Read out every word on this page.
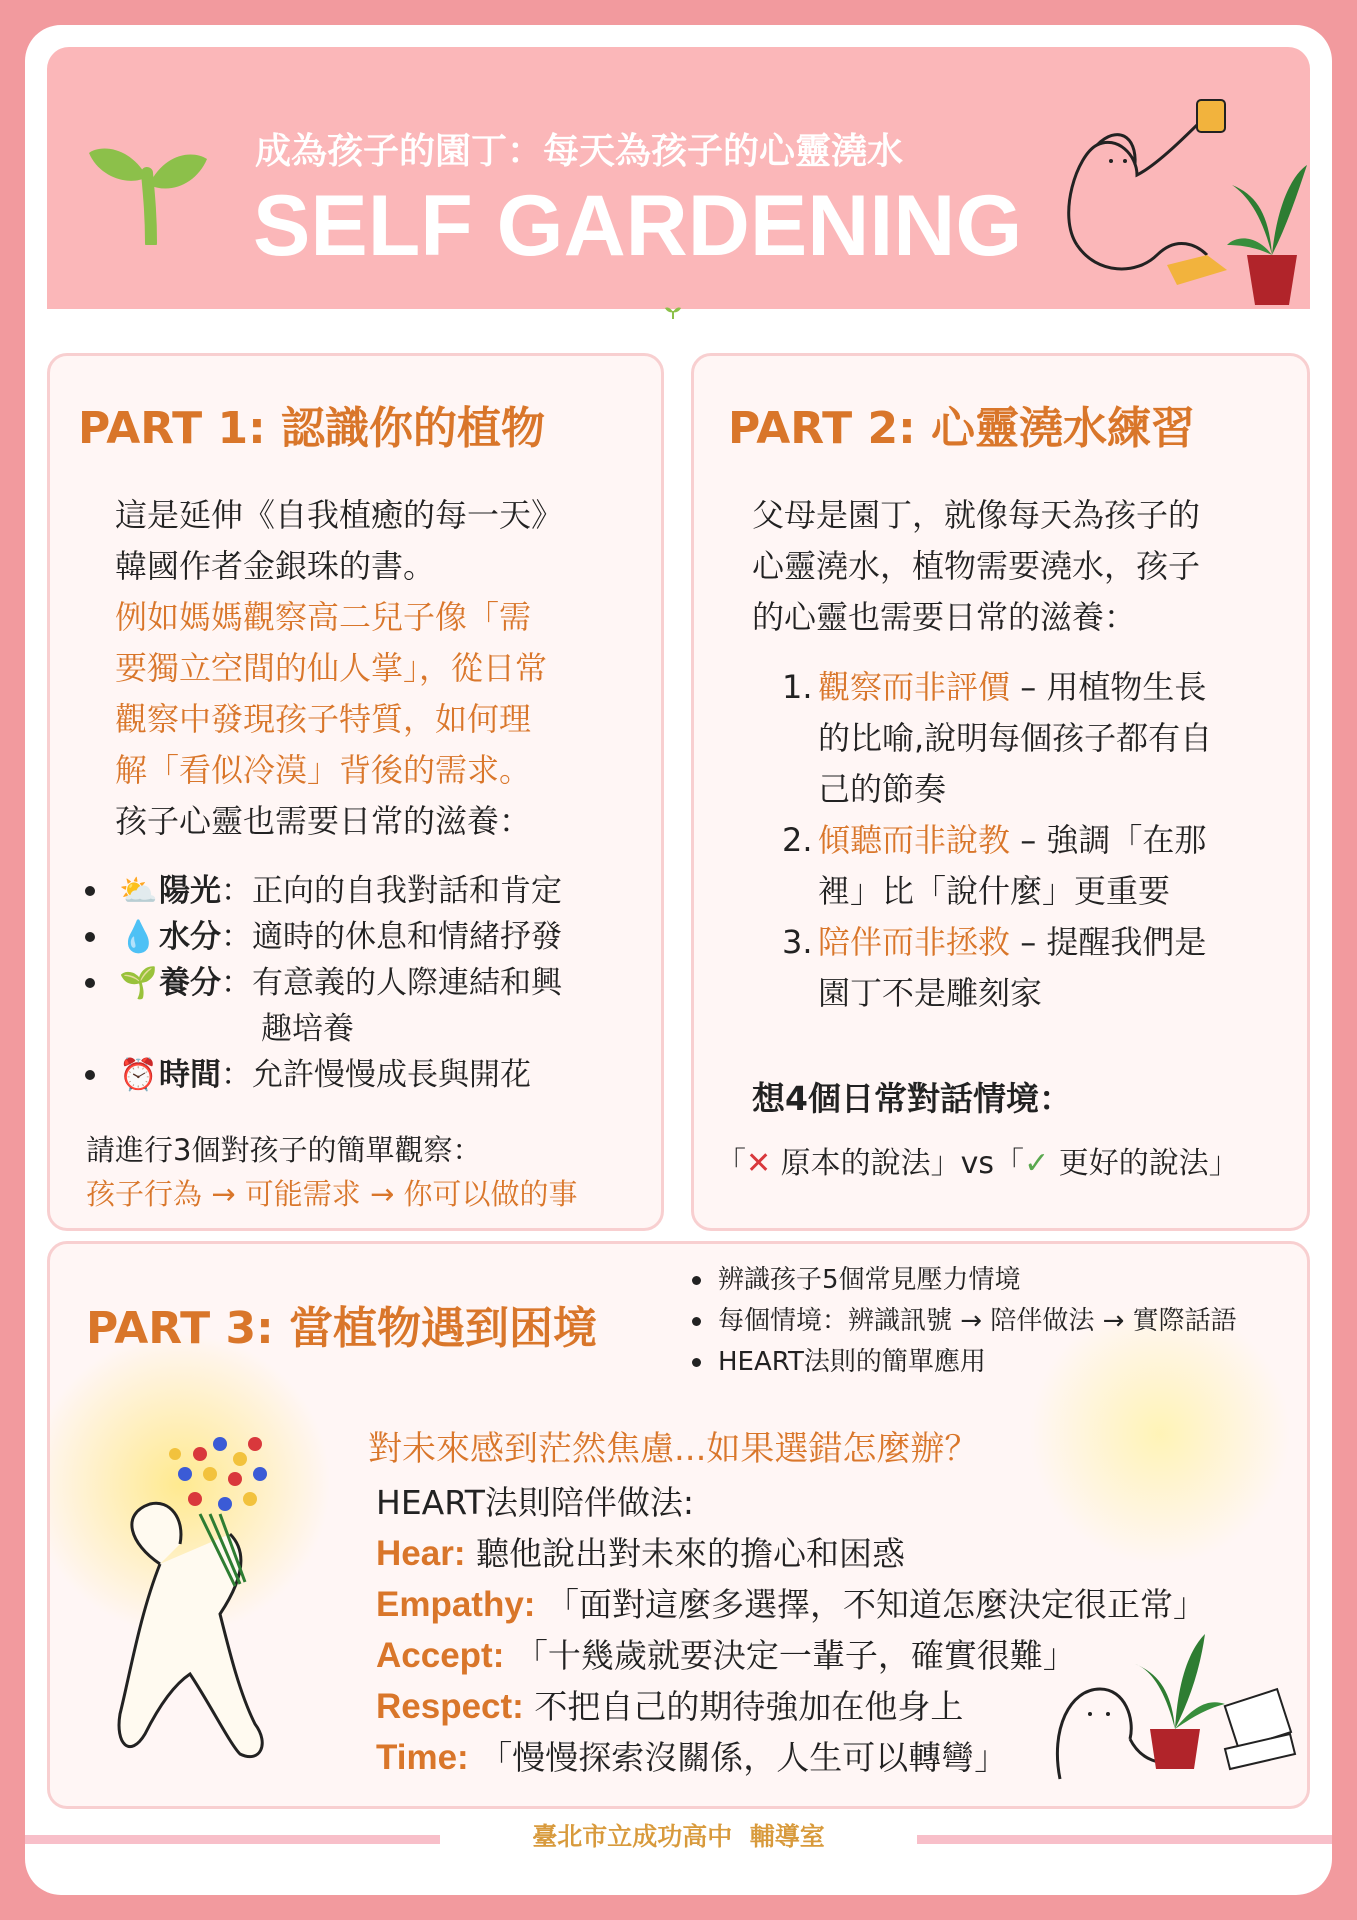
成為孩子的園丁：每天為孩子的心靈澆水
SELF GARDENING
PART 1: 認識你的植物
這是延伸《自我植癒的每一天》
韓國作者金銀珠的書。
例如媽媽觀察高二兒子像「需
要獨立空間的仙人掌」，從日常
觀察中發現孩子特質，如何理
解「看似冷漠」背後的需求。
孩子心靈也需要日常的滋養：
⛅陽光：正向的自我對話和肯定
💧水分：適時的休息和情緒抒發
🌱養分：有意義的人際連結和興
趣培養
⏰時間：允許慢慢成長與開花
請進行3個對孩子的簡單觀察：
孩子行為 → 可能需求 → 你可以做的事
PART 2: 心靈澆水練習
父母是園丁，就像每天為孩子的
心靈澆水，植物需要澆水，孩子
的心靈也需要日常的滋養：
1. 觀察而非評價 – 用植物生長
的比喻,說明每個孩子都有自
己的節奏
2. 傾聽而非說教 – 強調「在那
裡」比「說什麼」更重要
3. 陪伴而非拯救 – 提醒我們是
園丁不是雕刻家
想4個日常對話情境：
「✕ 原本的說法」vs「✓ 更好的說法」
PART 3: 當植物遇到困境
辨識孩子5個常見壓力情境
每個情境：辨識訊號 → 陪伴做法 → 實際話語
HEART法則的簡單應用
對未來感到茫然焦慮...如果選錯怎麼辦？
HEART法則陪伴做法:
Hear: 聽他說出對未來的擔心和困惑
Empathy: 「面對這麼多選擇，不知道怎麼決定很正常」
Accept: 「十幾歲就要決定一輩子，確實很難」
Respect: 不把自己的期待強加在他身上
Time: 「慢慢探索沒關係，人生可以轉彎」
臺北市立成功高中  輔導室
